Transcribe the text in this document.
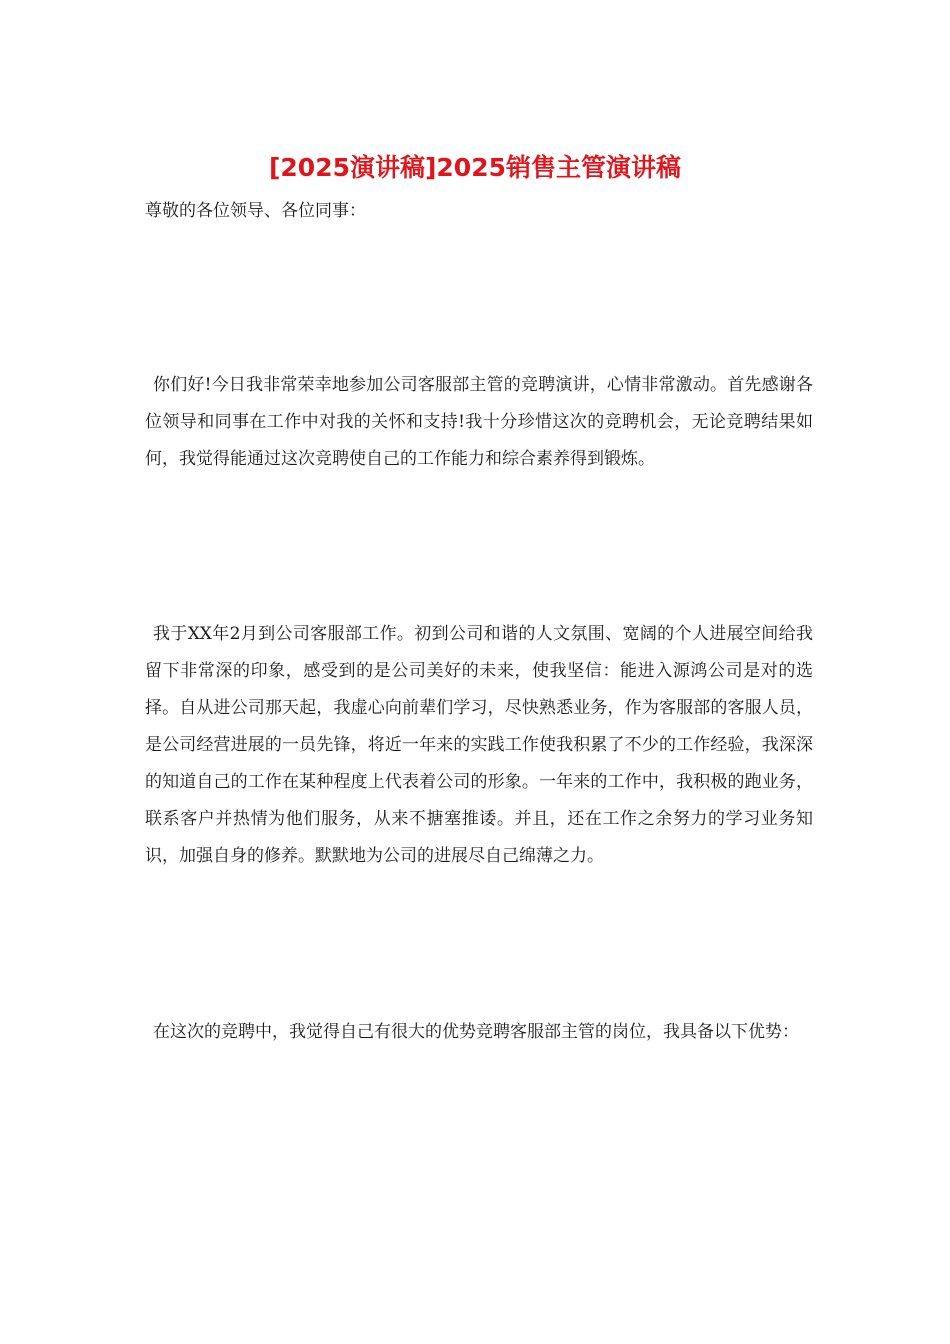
[2025演讲稿]2025销售主管演讲稿

尊敬的各位领导、各位同事：

你们好!今日我非常荣幸地参加公司客服部主管的竞聘演讲，心情非常激动。首先感谢各位领导和同事在工作中对我的关怀和支持!我十分珍惜这次的竞聘机会，无论竞聘结果如何，我觉得能通过这次竞聘使自己的工作能力和综合素养得到锻炼。

我于XX年2月到公司客服部工作。初到公司和谐的人文氛围、宽阔的个人进展空间给我留下非常深的印象，感受到的是公司美好的未来，使我坚信：能进入源鸿公司是对的选择。自从进公司那天起，我虚心向前辈们学习，尽快熟悉业务，作为客服部的客服人员，是公司经营进展的一员先锋，将近一年来的实践工作使我积累了不少的工作经验，我深深的知道自己的工作在某种程度上代表着公司的形象。一年来的工作中，我积极的跑业务，联系客户并热情为他们服务，从来不搪塞推诿。并且，还在工作之余努力的学习业务知识，加强自身的修养。默默地为公司的进展尽自己绵薄之力。

在这次的竞聘中，我觉得自己有很大的优势竞聘客服部主管的岗位，我具备以下优势：
